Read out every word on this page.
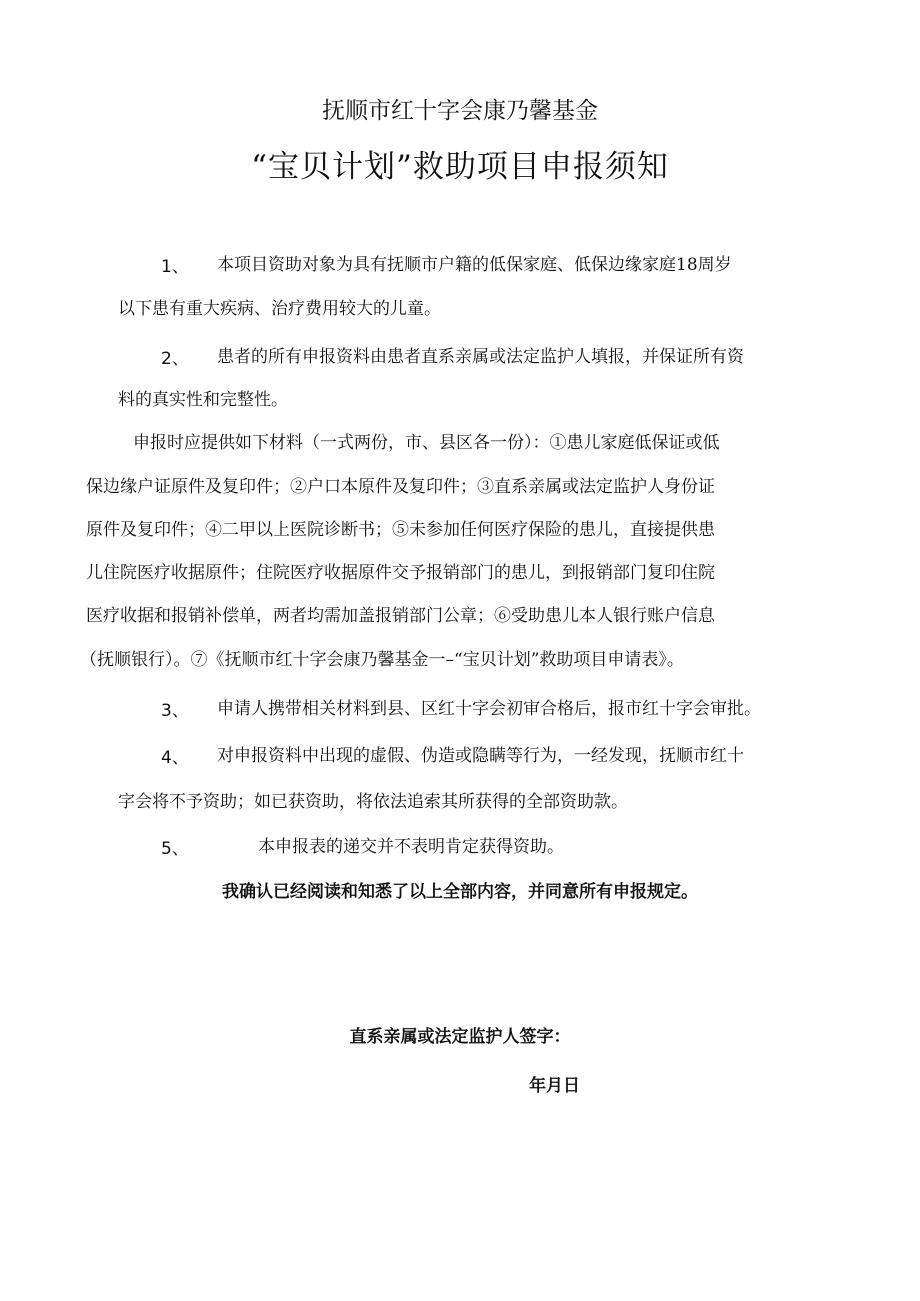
抚顺市红十字会康乃馨基金
“宝贝计划”救助项目申报须知
1、 本项目资助对象为具有抚顺市户籍的低保家庭、低保边缘家庭18周岁
以下患有重大疾病、治疗费用较大的儿童。
2、 患者的所有申报资料由患者直系亲属或法定监护人填报，并保证所有资
料的真实性和完整性。
申报时应提供如下材料（一式两份，市、县区各一份）：①患儿家庭低保证或低
保边缘户证原件及复印件；②户口本原件及复印件；③直系亲属或法定监护人身份证
原件及复印件；④二甲以上医院诊断书；⑤未参加任何医疗保险的患儿，直接提供患
儿住院医疗收据原件；住院医疗收据原件交予报销部门的患儿，到报销部门复印住院
医疗收据和报销补偿单，两者均需加盖报销部门公章；⑥受助患儿本人银行账户信息
（抚顺银行）。⑦《抚顺市红十字会康乃馨基金一–“宝贝计划”救助项目申请表》。
3、 申请人携带相关材料到县、区红十字会初审合格后，报市红十字会审批。
4、 对申报资料中出现的虚假、伪造或隐瞒等行为，一经发现，抚顺市红十
字会将不予资助；如已获资助，将依法追索其所获得的全部资助款。
5、	本申报表的递交并不表明肯定获得资助。
我确认已经阅读和知悉了以上全部内容，并同意所有申报规定。
直系亲属或法定监护人签字：
年月日
